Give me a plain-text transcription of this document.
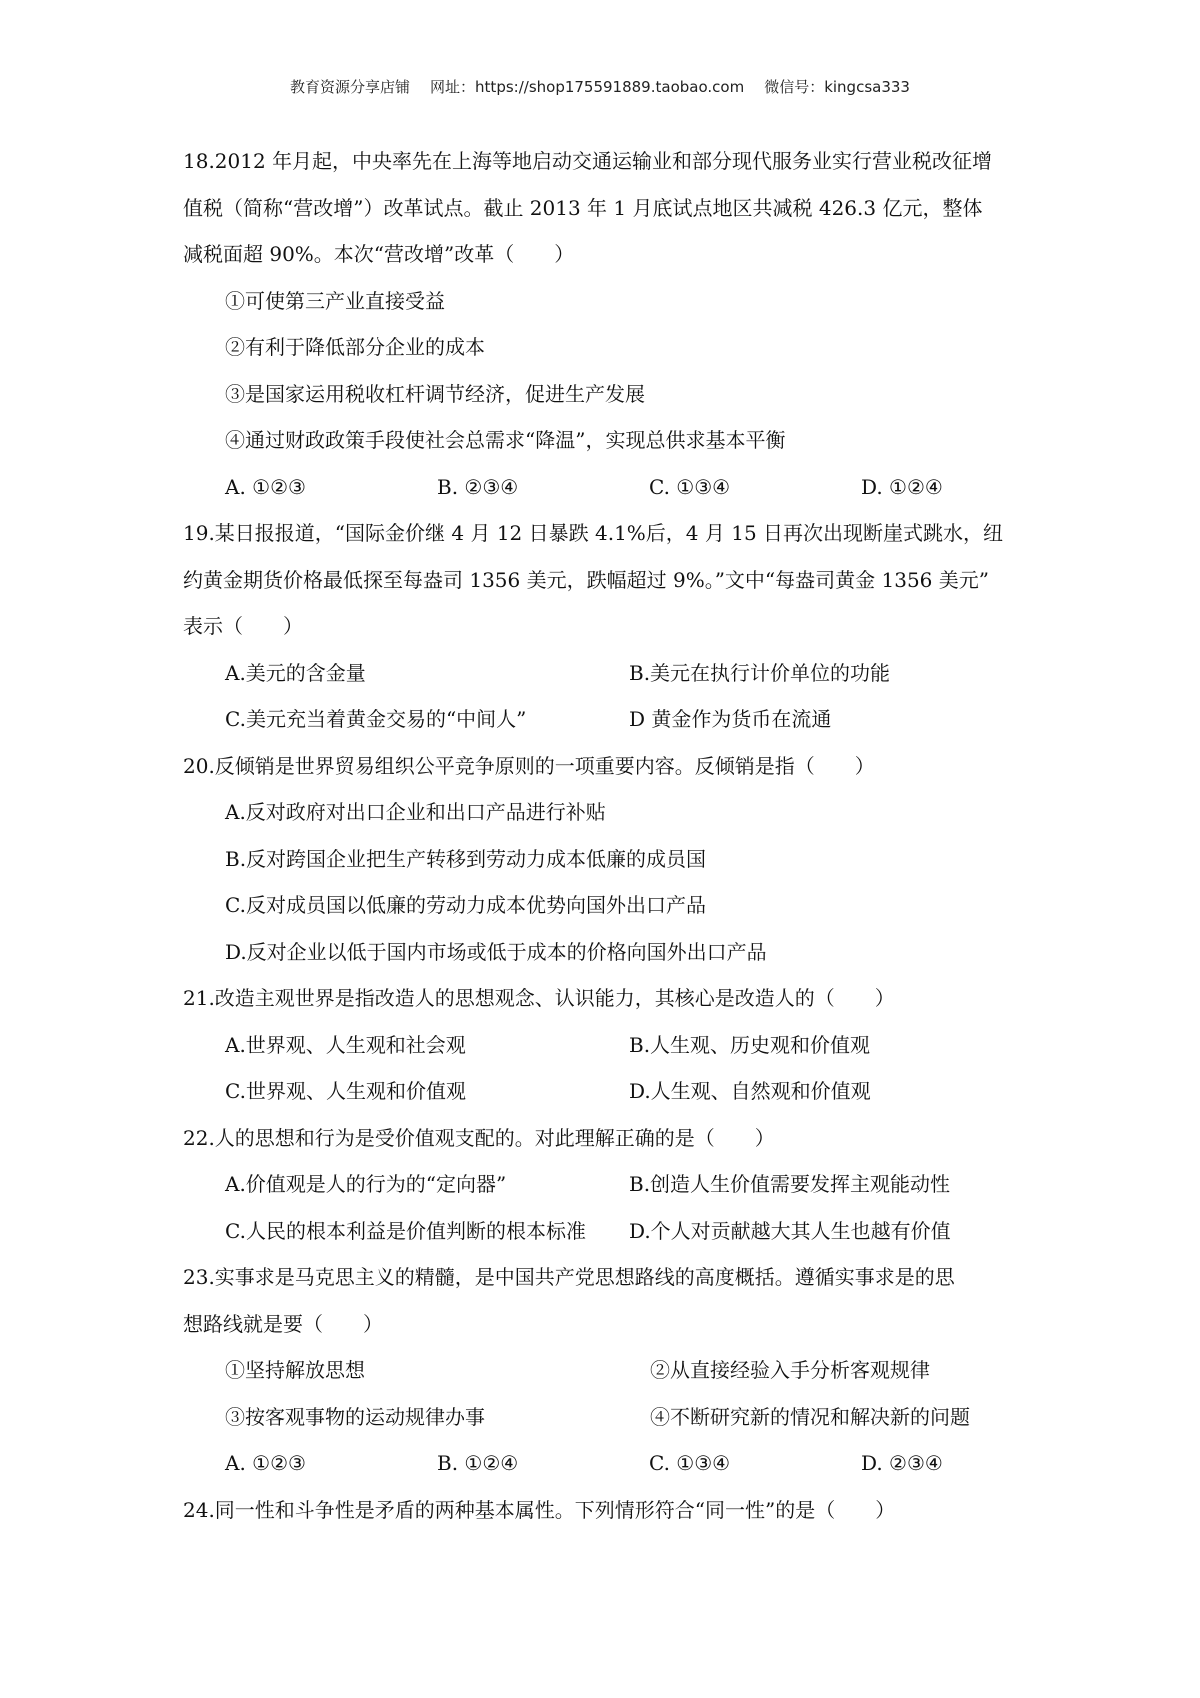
教育资源分享店铺 网址：https://shop175591889.taobao.com 微信号：kingcsa333
18.2012 年月起，中央率先在上海等地启动交通运输业和部分现代服务业实行营业税改征增
值税（简称“营改增”）改革试点。截止 2013 年 1 月底试点地区共减税 426.3 亿元，整体
减税面超 90%。本次“营改增”改革（　　）
①可使第三产业直接受益
②有利于降低部分企业的成本
③是国家运用税收杠杆调节经济，促进生产发展
④通过财政政策手段使社会总需求“降温”，实现总供求基本平衡
A. ①②③	B. ②③④	C. ①③④	D. ①②④
19.某日报报道，“国际金价继 4 月 12 日暴跌 4.1%后，4 月 15 日再次出现断崖式跳水，纽
约黄金期货价格最低探至每盎司 1356 美元，跌幅超过 9%。”文中“每盎司黄金 1356 美元”
表示（　　）
A.美元的含金量	B.美元在执行计价单位的功能
C.美元充当着黄金交易的“中间人”	D 黄金作为货币在流通
20.反倾销是世界贸易组织公平竞争原则的一项重要内容。反倾销是指（　　）
A.反对政府对出口企业和出口产品进行补贴
B.反对跨国企业把生产转移到劳动力成本低廉的成员国
C.反对成员国以低廉的劳动力成本优势向国外出口产品
D.反对企业以低于国内市场或低于成本的价格向国外出口产品
21.改造主观世界是指改造人的思想观念、认识能力，其核心是改造人的（　　）
A.世界观、人生观和社会观	B.人生观、历史观和价值观
C.世界观、人生观和价值观	D.人生观、自然观和价值观
22.人的思想和行为是受价值观支配的。对此理解正确的是（　　）
A.价值观是人的行为的“定向器”	B.创造人生价值需要发挥主观能动性
C.人民的根本利益是价值判断的根本标准	D.个人对贡献越大其人生也越有价值
23.实事求是马克思主义的精髓，是中国共产党思想路线的高度概括。遵循实事求是的思
想路线就是要（　　）
①坚持解放思想	②从直接经验入手分析客观规律
③按客观事物的运动规律办事	④不断研究新的情况和解决新的问题
A. ①②③	B. ①②④	C. ①③④	D. ②③④
24.同一性和斗争性是矛盾的两种基本属性。下列情形符合“同一性”的是（　　）
